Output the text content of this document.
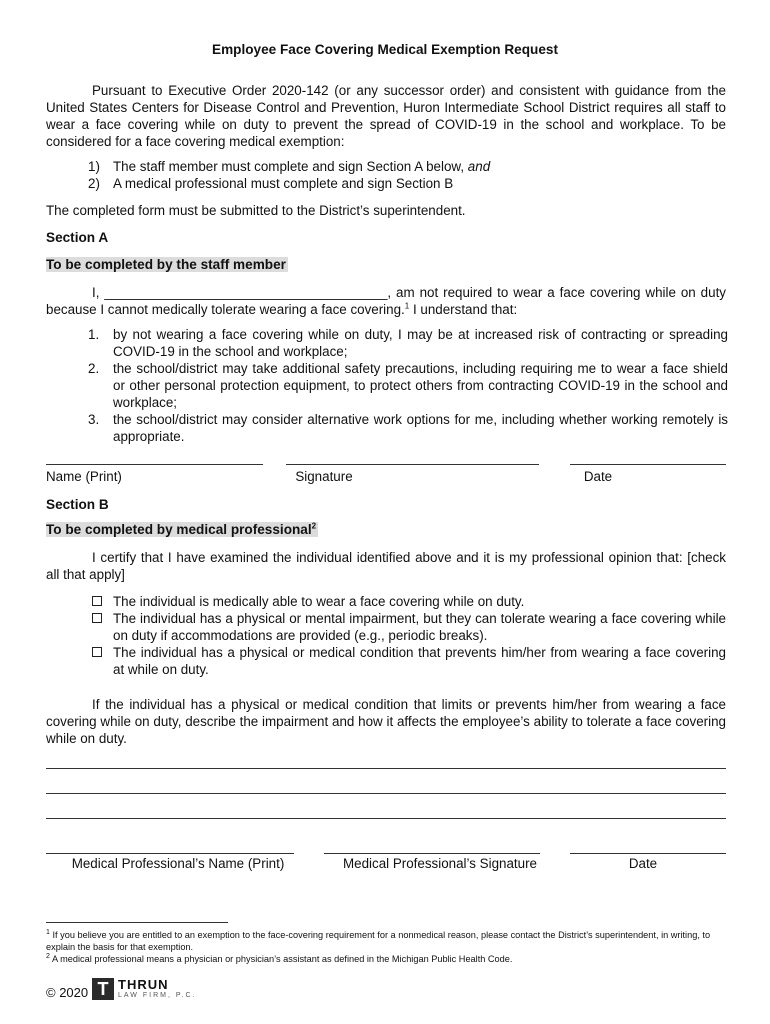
Employee Face Covering Medical Exemption Request
Pursuant to Executive Order 2020-142 (or any successor order) and consistent with guidance from the United States Centers for Disease Control and Prevention, Huron Intermediate School District requires all staff to wear a face covering while on duty to prevent the spread of COVID-19 in the school and workplace. To be considered for a face covering medical exemption:
1) The staff member must complete and sign Section A below, and
2) A medical professional must complete and sign Section B
The completed form must be submitted to the District’s superintendent.
Section A
To be completed by the staff member
I, ______________________________________, am not required to wear a face covering while on duty because I cannot medically tolerate wearing a face covering.$^1$ I understand that:
1. by not wearing a face covering while on duty, I may be at increased risk of contracting or spreading COVID-19 in the school and workplace;
2. the school/district may take additional safety precautions, including requiring me to wear a face shield or other personal protection equipment, to protect others from contracting COVID-19 in the school and workplace;
3. the school/district may consider alternative work options for me, including whether working remotely is appropriate.
Name (Print)	Signature	Date
Section B
To be completed by medical professional$^2$
I certify that I have examined the individual identified above and it is my professional opinion that: [check all that apply]
The individual is medically able to wear a face covering while on duty.
The individual has a physical or mental impairment, but they can tolerate wearing a face covering while on duty if accommodations are provided (e.g., periodic breaks).
The individual has a physical or medical condition that prevents him/her from wearing a face covering at while on duty.
If the individual has a physical or medical condition that limits or prevents him/her from wearing a face covering while on duty, describe the impairment and how it affects the employee’s ability to tolerate a face covering while on duty.
Medical Professional’s Name (Print)	Medical Professional’s Signature	Date
$^1$ If you believe you are entitled to an exemption to the face-covering requirement for a nonmedical reason, please contact the District’s superintendent, in writing, to explain the basis for that exemption.
$^2$ A medical professional means a physician or physician’s assistant as defined in the Michigan Public Health Code.
© 2020 T THRUN
LAW FIRM, P.C.
